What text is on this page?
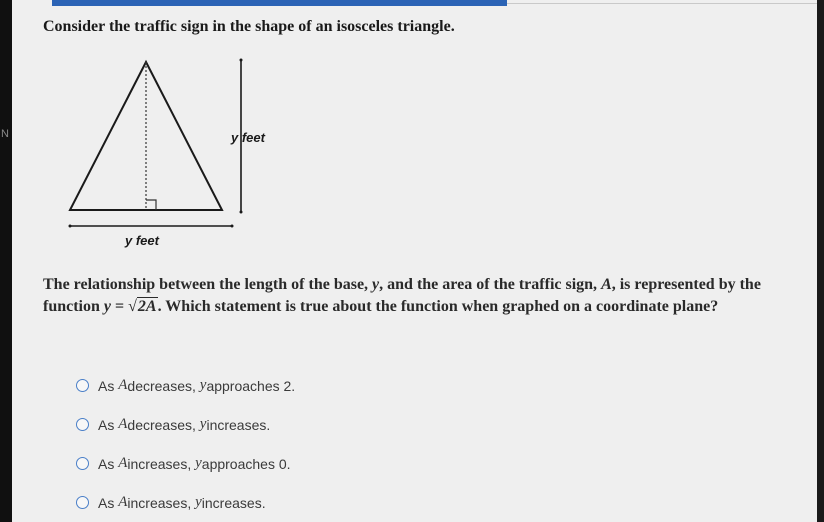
N
Consider the traffic sign in the shape of an isosceles triangle.
y feet
y feet
The relationship between the length of the base, y, and the area of the traffic sign, A, is represented by the function y = √2A. Which statement is true about the function when graphed on a coordinate plane?
As
A decreases,
y approaches 2.
As
A decreases,
y increases.
As
A increases,
y approaches 0.
As
A increases,
y increases.
